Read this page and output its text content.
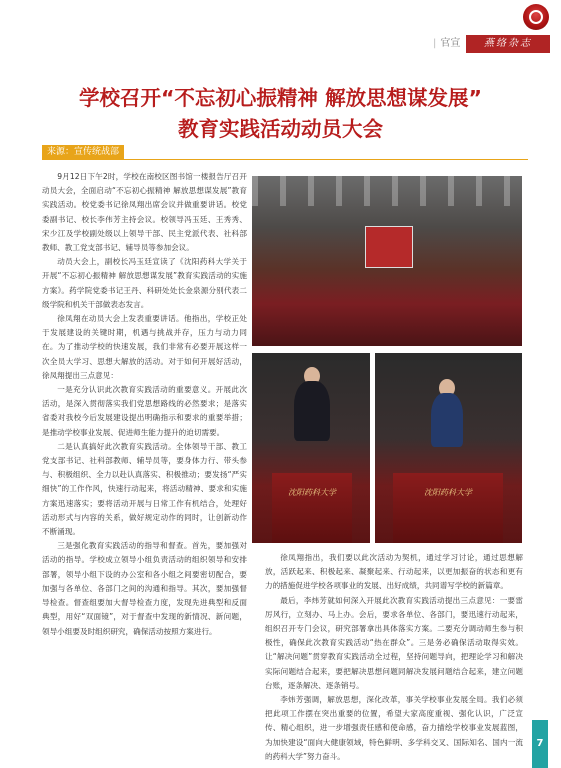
| 官宣	燕络杂志
学校召开“不忘初心振精神 解放思想谋发展”
教育实践活动动员大会
来源：宣传统战部

9月12日下午2时，学校在南校区图书馆一楼报告厅召开动员大会，全面启动“不忘初心振精神 解放思想谋发展”教育实践活动。校党委书记徐凤翔出席会议并做重要讲话。校党委副书记、校长李伟芳主持会议。校领导冯玉廷、王秀秀、宋少江及学校副处级以上领导干部、民主党派代表、社科部教师、教工党支部书记、辅导员等参加会议。

动员大会上，副校长冯玉廷宣读了《沈阳药科大学关于开展“不忘初心振精神 解放思想谋发展”教育实践活动的实施方案》。药学院党委书记王丹、科研处处长金泉源分别代表二级学院和机关干部做表态发言。

徐凤翔在动员大会上发表重要讲话。他指出，学校正处于发展建设的关键时期，机遇与挑战并存，压力与动力同在。为了推动学校的快速发展，我们非常有必要开展这样一次全员大学习、思想大解放的活动。对于如何开展好活动，徐凤翔提出三点意见：

一是充分认识此次教育实践活动的重要意义。开展此次活动，是深入贯彻落实我们党思想路线的必然要求；是落实省委对我校今后发展建设提出明确指示和要求的重要举措；是推动学校事业发展、促进师生能力提升的迫切需要。

二是认真搞好此次教育实践活动。全体领导干部、教工党支部书记、社科部教师、辅导员等，要身体力行、带头参与、积极组织、全力以赴认真落实、积极推动；要发扬“严实细快”的工作作风，快速行动起来，将活动精神、要求和实施方案迅速落实；要将活动开展与日常工作有机结合，处理好活动形式与内容的关系，做好规定动作的同时，让创新动作不断涌现。

三是强化教育实践活动的指导和督查。首先，要加强对活动的指导。学校成立领导小组负责活动的组织领导和安排部署，领导小组下设的办公室和各小组之间要密切配合，要加强与各单位、各部门之间的沟通和指导。其次，要加强督导检查。督查组要加大督导检查力度，发现先进典型和反面典型，用好“双面镜”，对于督查中发现的新情况、新问题，领导小组要及时组织研究，确保活动按照方案进行。

沈阳药科大学	沈阳药科大学

徐凤翔指出，我们要以此次活动为契机，通过学习讨论，通过思想解放，活跃起来、积极起来、凝聚起来、行动起来，以更加振奋的状态和更有力的措施促进学校各项事业的发展、出好成绩，共同谱写学校的新篇章。

最后，李炜芳就如何深入开展此次教育实践活动提出三点意见：一要雷厉风行，立刻办、马上办。会后，要求各单位、各部门，要迅速行动起来，组织召开专门会议，研究部署拿出具体落实方案。二要充分调动师生参与积极性，确保此次教育实践活动“热在群众”。三是务必确保活动取得实效。让“解决问题”贯穿教育实践活动全过程，坚持问题导向，把理论学习和解决实际问题结合起来，要把解决思想问题同解决发展问题结合起来，建立问题台账，逐条解决、逐条销号。

李炜芳强调，解放思想，深化改革，事关学校事业发展全局。我们必须把此项工作摆在突出重要的位置，希望大家高度重视、强化认识，广泛宣传、精心组织，进一步增强责任感和使命感，奋力描绘学校事业发展蓝图，为加快建设“面向大健康领域，特色鲜明、多学科交叉、国际知名、国内一流的药科大学”努力奋斗。

7
